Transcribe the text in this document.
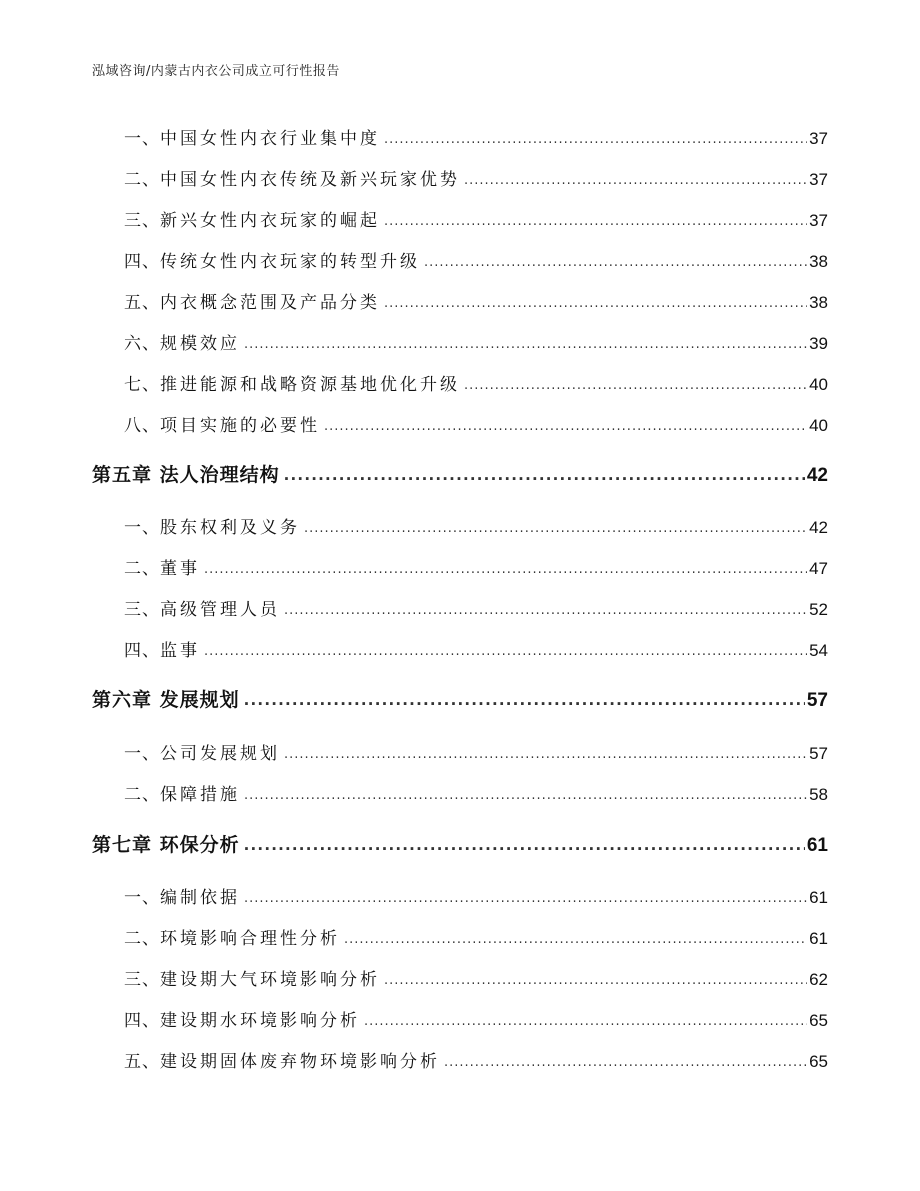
泓域咨询/内蒙古内衣公司成立可行性报告
一、 中国女性内衣行业集中度 .....	37
二、 中国女性内衣传统及新兴玩家优势 .....	37
三、 新兴女性内衣玩家的崛起 .....	37
四、 传统女性内衣玩家的转型升级 .....	38
五、 内衣概念范围及产品分类 .....	38
六、 规模效应 .....	39
七、 推进能源和战略资源基地优化升级 .....	40
八、 项目实施的必要性 .....	40
第五章 法人治理结构 .....	42
一、 股东权利及义务 .....	42
二、 董事 .....	47
三、 高级管理人员 .....	52
四、 监事 .....	54
第六章 发展规划 .....	57
一、 公司发展规划 .....	57
二、 保障措施 .....	58
第七章 环保分析 .....	61
一、 编制依据 .....	61
二、 环境影响合理性分析 .....	61
三、 建设期大气环境影响分析 .....	62
四、 建设期水环境影响分析 .....	65
五、 建设期固体废弃物环境影响分析 .....	65
